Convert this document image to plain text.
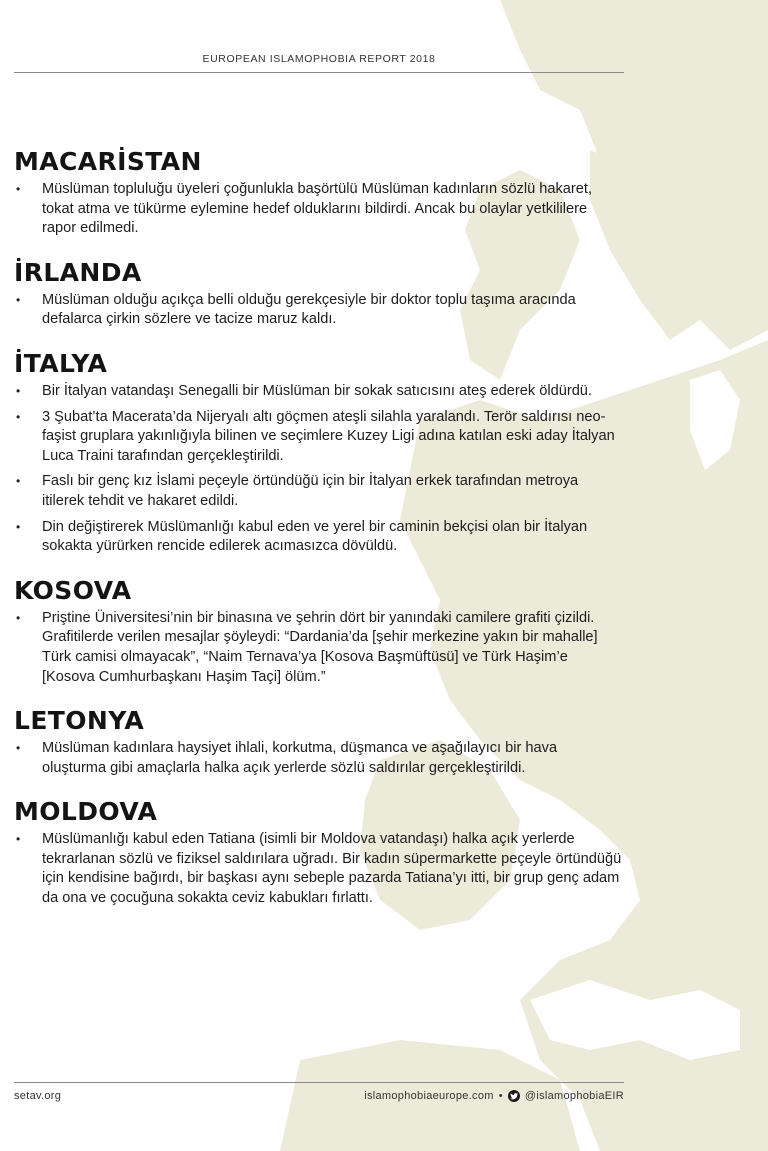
EUROPEAN ISLAMOPHOBIA REPORT 2018
MACARİSTAN
• Müslüman topluluğu üyeleri çoğunlukla başörtülü Müslüman kadınların sözlü hakaret, tokat atma ve tükürme eylemine hedef olduklarını bildirdi. Ancak bu olaylar yetkililere rapor edilmedi.
İRLANDA
• Müslüman olduğu açıkça belli olduğu gerekçesiyle bir doktor toplu taşıma aracında defalarca çirkin sözlere ve tacize maruz kaldı.
İTALYA
• Bir İtalyan vatandaşı Senegalli bir Müslüman bir sokak satıcısını ateş ederek öldürdü.
• 3 Şubat’ta Macerata’da Nijeryalı altı göçmen ateşli silahla yaralandı. Terör saldırısı neo-faşist gruplara yakınlığıyla bilinen ve seçimlere Kuzey Ligi adına katılan eski aday İtalyan Luca Traini tarafından gerçekleştirildi.
• Faslı bir genç kız İslami peçeyle örtündüğü için bir İtalyan erkek tarafından metroya itilerek tehdit ve hakaret edildi.
• Din değiştirerek Müslümanlığı kabul eden ve yerel bir caminin bekçisi olan bir İtalyan sokakta yürürken rencide edilerek acımasızca dövüldü.
KOSOVA
• Priştine Üniversitesi’nin bir binasına ve şehrin dört bir yanındaki camilere grafiti çizildi. Grafitilerde verilen mesajlar şöyleydi: “Dardania’da [şehir merkezine yakın bir mahalle] Türk camisi olmayacak”, “Naim Ternava’ya [Kosova Başmüftüsü] ve Türk Haşim’e [Kosova Cumhurbaşkanı Haşim Taçi] ölüm.”
LETONYA
• Müslüman kadınlara haysiyet ihlali, korkutma, düşmanca ve aşağılayıcı bir hava oluşturma gibi amaçlarla halka açık yerlerde sözlü saldırılar gerçekleştirildi.
MOLDOVA
• Müslümanlığı kabul eden Tatiana (isimli bir Moldova vatandaşı) halka açık yerlerde tekrarlanan sözlü ve fiziksel saldırılara uğradı. Bir kadın süpermarkette peçeyle örtündüğü için kendisine bağırdı, bir başkası aynı sebeple pazarda Tatiana’yı itti, bir grup genç adam da ona ve çocuğuna sokakta ceviz kabukları fırlattı.
setav.org	islamophobiaeurope.com • @islamophobiaEIR
